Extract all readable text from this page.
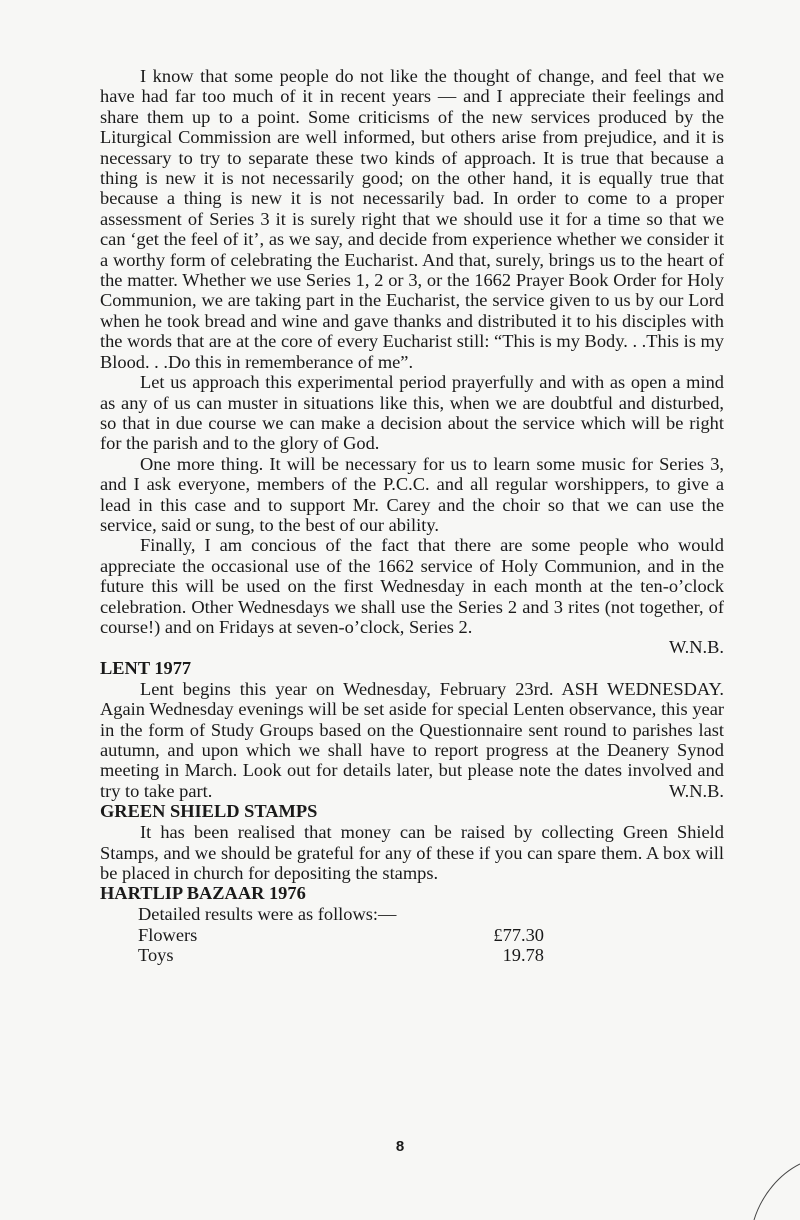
I know that some people do not like the thought of change, and feel that we have had far too much of it in recent years — and I appreciate their feelings and share them up to a point. Some criticisms of the new services produced by the Liturgical Commission are well informed, but others arise from prejudice, and it is necessary to try to separate these two kinds of approach. It is true that because a thing is new it is not necessarily good; on the other hand, it is equally true that because a thing is new it is not necessarily bad. In order to come to a proper assessment of Series 3 it is surely right that we should use it for a time so that we can ‘get the feel of it’, as we say, and decide from experience whether we consider it a worthy form of celebrating the Eucharist. And that, surely, brings us to the heart of the matter. Whether we use Series 1, 2 or 3, or the 1662 Prayer Book Order for Holy Communion, we are taking part in the Eucharist, the service given to us by our Lord when he took bread and wine and gave thanks and distributed it to his disciples with the words that are at the core of every Eucharist still: “This is my Body. . .This is my Blood. . .Do this in rememberance of me”.

Let us approach this experimental period prayerfully and with as open a mind as any of us can muster in situations like this, when we are doubtful and disturbed, so that in due course we can make a decision about the service which will be right for the parish and to the glory of God.

One more thing. It will be necessary for us to learn some music for Series 3, and I ask everyone, members of the P.C.C. and all regular worshippers, to give a lead in this case and to support Mr. Carey and the choir so that we can use the service, said or sung, to the best of our ability.

Finally, I am concious of the fact that there are some people who would appreciate the occasional use of the 1662 service of Holy Communion, and in the future this will be used on the first Wednesday in each month at the ten-o’clock celebration. Other Wednesdays we shall use the Series 2 and 3 rites (not together, of course!) and on Fridays at seven-o’clock, Series 2.

W.N.B.

LENT 1977

Lent begins this year on Wednesday, February 23rd. ASH WEDNESDAY. Again Wednesday evenings will be set aside for special Lenten observance, this year in the form of Study Groups based on the Questionnaire sent round to parishes last autumn, and upon which we shall have to report progress at the Deanery Synod meeting in March. Look out for details later, but please note the dates involved and try to take part.	W.N.B.

GREEN SHIELD STAMPS

It has been realised that money can be raised by collecting Green Shield Stamps, and we should be grateful for any of these if you can spare them. A box will be placed in church for depositing the stamps.

HARTLIP BAZAAR 1976

Detailed results were as follows:—

Flowers	£77.30
Toys	19.78
8
